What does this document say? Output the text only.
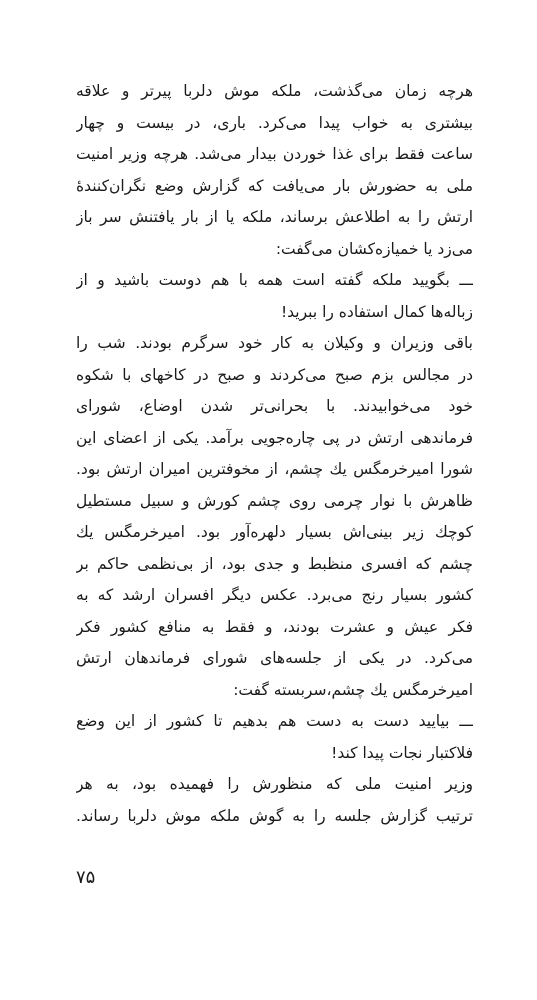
هرچه زمان می‌گذشت، ملکه موش دلربا پیرتر و علاقه
بیشتری به خواب پیدا می‌کرد. باری، در بیست و چهار
ساعت فقط برای غذا خوردن بیدار می‌شد. هرچه وزیر امنیت
ملی به حضورش بار می‌یافت که گزارش وضع نگران‌کنندهٔ
ارتش را به اطلاعش برساند، ملکه یا از بار یافتنش سر باز
می‌زد یا خمیازه‌کشان می‌گفت:
ـــ بگویید ملکه گفته است همه با هم دوست باشید و از
زباله‌ها کمال استفاده را ببرید!
باقی وزیران و وکیلان به کار خود سرگرم بودند. شب را
در مجالس بزم صبح می‌کردند و صبح در کاخهای با شکوه
خود می‌خوابیدند. با بحرانی‌تر شدن اوضاع، شورای
فرماندهی ارتش در پی چاره‌جویی برآمد. یکی از اعضای این
شورا امیرخرمگس یك چشم، از مخوفترین امیران ارتش بود.
ظاهرش با نوار چرمی روی چشم کورش و سبیل مستطیل
کوچك زیر بینی‌اش بسیار دلهره‌آور بود. امیرخرمگس یك
چشم که افسری منظبط و جدی بود، از بی‌نظمی حاکم بر
کشور بسیار رنج می‌برد. عکس دیگر افسران ارشد که به
فکر عیش و عشرت بودند، و فقط به منافع کشور فکر
می‌کرد. در یکی از جلسه‌های شورای فرماندهان ارتش
امیرخرمگس یك چشم،سربسته گفت:
ـــ بیایید دست به دست هم بدهیم تا کشور از این وضع
فلاکتبار نجات پیدا کند!
وزیر امنیت ملی که منظورش را فهمیده بود، به هر
ترتیب گزارش جلسه را به گوش ملکه موش دلربا رساند.
۷۵
